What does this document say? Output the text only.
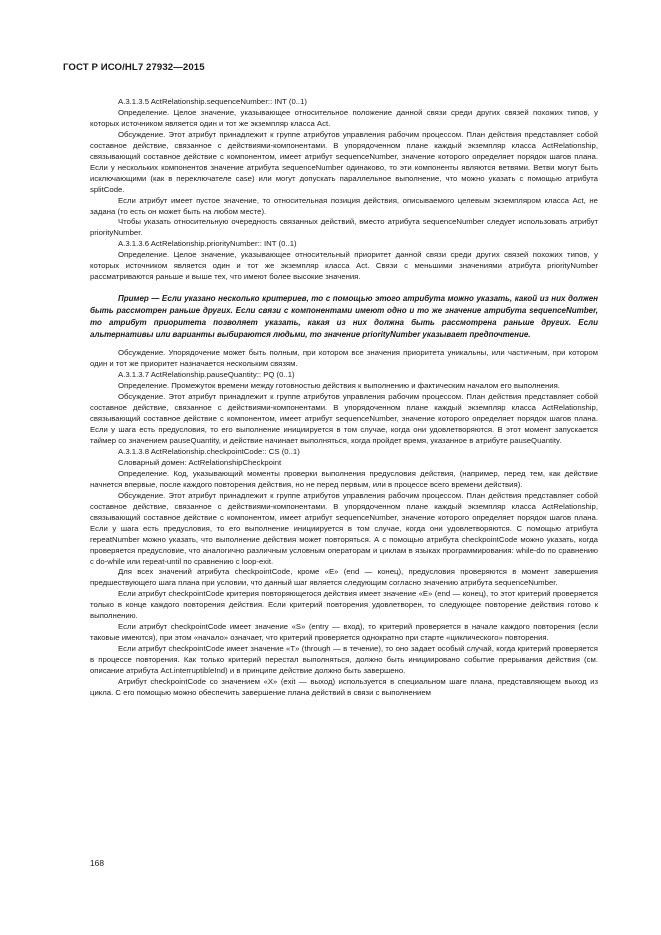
ГОСТ Р ИСО/HL7 27932—2015

A.3.1.3.5 ActRelationship.sequenceNumber:: INT (0..1)

Определение. Целое значение, указывающее относительное положение данной связи среди других связей похожих типов, у которых источником является один и тот же экземпляр класса Act.

Обсуждение. Этот атрибут принадлежит к группе атрибутов управления рабочим процессом. План действия представляет собой составное действие, связанное с действиями-компонентами. В упорядоченном плане каждый экземпляр класса ActRelationship, связывающий составное действие с компонентом, имеет атрибут sequenceNumber, значение которого определяет порядок шагов плана. Если у нескольких компонентов значение атрибута sequenceNumber одинаково, то эти компоненты являются ветвями. Ветви могут быть исключающими (как в переключателе case) или могут допускать параллельное выполнение, что можно указать с помощью атрибута splitCode.

Если атрибут имеет пустое значение, то относительная позиция действия, описываемого целевым экземпляром класса Act, не задана (то есть он может быть на любом месте).

Чтобы указать относительную очередность связанных действий, вместо атрибута sequenceNumber следует использовать атрибут priorityNumber.

A.3.1.3.6 ActRelationship.priorityNumber:: INT (0..1)

Определение. Целое значение, указывающее относительный приоритет данной связи среди других связей похожих типов, у которых источником является один и тот же экземпляр класса Act. Связи с меньшими значениями атрибута priorityNumber рассматриваются раньше и выше тех, что имеют более высокие значения.

Пример — Если указано несколько критериев, то с помощью этого атрибута можно указать, какой из них должен быть рассмотрен раньше других. Если связи с компонентами имеют одно и то же значение атрибута sequenceNumber, то атрибут приоритета позволяет указать, какая из них должна быть рассмотрена раньше других. Если альтернативы или варианты выбираются людьми, то значение priorityNumber указывает предпочтение.

Обсуждение. Упорядочение может быть полным, при котором все значения приоритета уникальны, или частичным, при котором один и тот же приоритет назначается нескольким связям.

A.3.1.3.7 ActRelationship.pauseQuantity:: PQ (0..1)

Определение. Промежуток времени между готовностью действия к выполнению и фактическим началом его выполнения.

Обсуждение. Этот атрибут принадлежит к группе атрибутов управления рабочим процессом. План действия представляет собой составное действие, связанное с действиями-компонентами. В упорядоченном плане каждый экземпляр класса ActRelationship, связывающий составное действие с компонентом, имеет атрибут sequenceNumber, значение которого определяет порядок шагов плана. Если у шага есть предусловия, то его выполнение инициируется в том случае, когда они удовлетворяются. В этот момент запускается таймер со значением pauseQuantity, и действие начинает выполняться, когда пройдет время, указанное в атрибуте pauseQuantity.

A.3.1.3.8 ActRelationship.checkpointCode:: CS (0..1)

Словарный домен: ActRelationshipCheckpoint

Определение. Код, указывающий моменты проверки выполнения предусловия действия, (например, перед тем, как действие начнется впервые, после каждого повторения действия, но не перед первым, или в процессе всего времени действия).

Обсуждение. Этот атрибут принадлежит к группе атрибутов управления рабочим процессом. План действия представляет собой составное действие, связанное с действиями-компонентами. В упорядоченном плане каждый экземпляр класса ActRelationship, связывающий составное действие с компонентом, имеет атрибут sequenceNumber, значение которого определяет порядок шагов плана. Если у шага есть предусловия, то его выполнение инициируется в том случае, когда они удовлетворяются. С помощью атрибута repeatNumber можно указать, что выполнение действия может повторяться. А с помощью атрибута checkpointCode можно указать, когда проверяется предусловие, что аналогично различным условным операторам и циклам в языках программирования: while-do по сравнению с do-while или repeat-until по сравнению с loop-exit.

Для всех значений атрибута checkpointCode, кроме «E» (end — конец), предусловия проверяются в момент завершения предшествующего шага плана при условии, что данный шаг является следующим согласно значению атрибута sequenceNumber.

Если атрибут checkpointCode критерия повторяющегося действия имеет значение «E» (end — конец), то этот критерий проверяется только в конце каждого повторения действия. Если критерий повторения удовлетворен, то следующее повторение действия готово к выполнению.

Если атрибут checkpointCode имеет значение «S» (entry — вход), то критерий проверяется в начале каждого повторения (если таковые имеются), при этом «начало» означает, что критерий проверяется однократно при старте «циклического» повторения.

Если атрибут checkpointCode имеет значение «T» (through — в течение), то оно задает особый случай, когда критерий проверяется в процессе повторения. Как только критерий перестал выполняться, должно быть инициировано событие прерывания действия (см. описание атрибута Act.interruptibleInd) и в принципе действие должно быть завершено.

Атрибут checkpointCode со значением «X» (exit — выход) используется в специальном шаге плана, представляющем выход из цикла. С его помощью можно обеспечить завершение плана действий в связи с выполнением

168
